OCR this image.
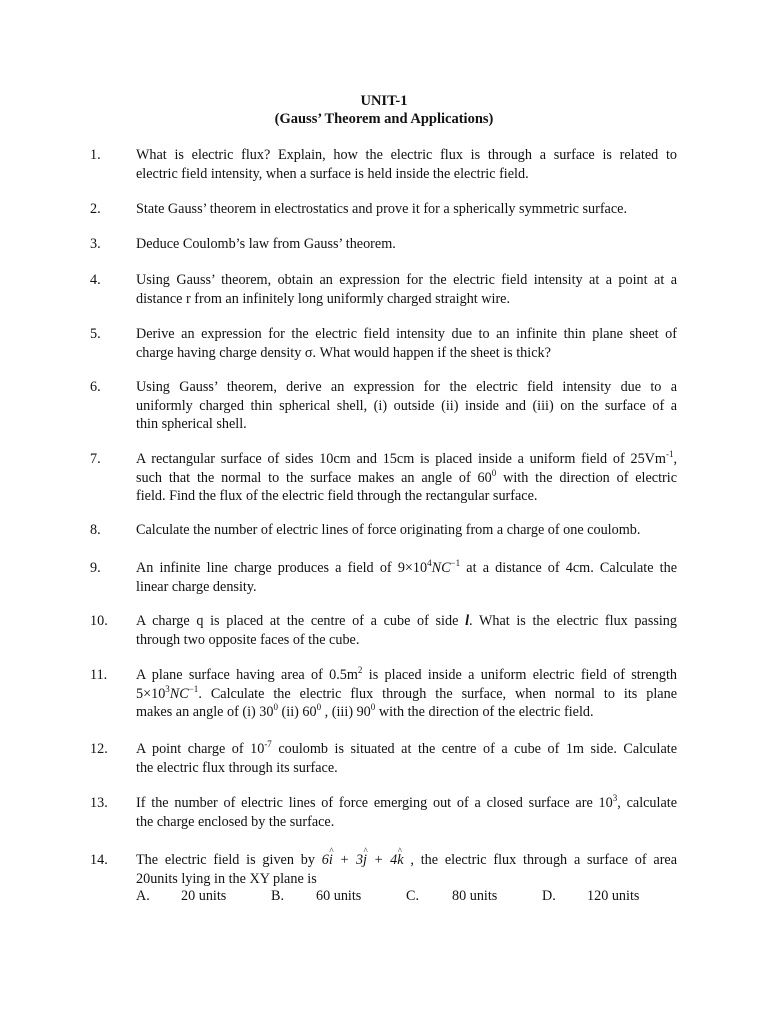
UNIT-1
(Gauss’ Theorem and Applications)
1.	What is electric flux? Explain, how the electric flux is through a surface is related to
electric field intensity, when a surface is held inside the electric field.
2.	State Gauss’ theorem in electrostatics and prove it for a spherically symmetric surface.
3.	Deduce Coulomb’s law from Gauss’ theorem.
4.	Using Gauss’ theorem, obtain an expression for the electric field intensity at a point at a
distance r from an infinitely long uniformly charged straight wire.
5.	Derive an expression for the electric field intensity due to an infinite thin plane sheet of
charge having charge density σ. What would happen if the sheet is thick?
6.	Using Gauss’ theorem, derive an expression for the electric field intensity due to a
uniformly charged thin spherical shell, (i) outside (ii) inside and (iii) on the surface of a
thin spherical shell.
7.	A rectangular surface of sides 10cm and 15cm is placed inside a uniform field of $25Vm^{-1}$,
such that the normal to the surface makes an angle of $60^0$ with the direction of electric
field. Find the flux of the electric field through the rectangular surface.
8.	Calculate the number of electric lines of force originating from a charge of one coulomb.
9.	An infinite line charge produces a field of $9\times 10^4NC^{-1}$ at a distance of 4cm. Calculate the
linear charge density.
10.	A charge q is placed at the centre of a cube of side l. What is the electric flux passing
through two opposite faces of the cube.
11.	A plane surface having area of $0.5m^2$ is placed inside a uniform electric field of strength
$5\times 10^3NC^{-1}$. Calculate the electric flux through the surface, when normal to its plane
makes an angle of (i) $30^0$ (ii) $60^0$ , (iii) $90^0$ with the direction of the electric field.
12.	A point charge of $10^{-7}$ coulomb is situated at the centre of a cube of 1m side. Calculate
the electric flux through its surface.
13.	If the number of electric lines of force emerging out of a closed surface are $10^3$, calculate
the charge enclosed by the surface.
14.	The electric field is given by 6i ^ + 3j ^ + 4k ^ , the electric flux through a surface of area
20units lying in the XY plane is
A. 20 units	B. 60 units	C. 80 units	D. 120 units
